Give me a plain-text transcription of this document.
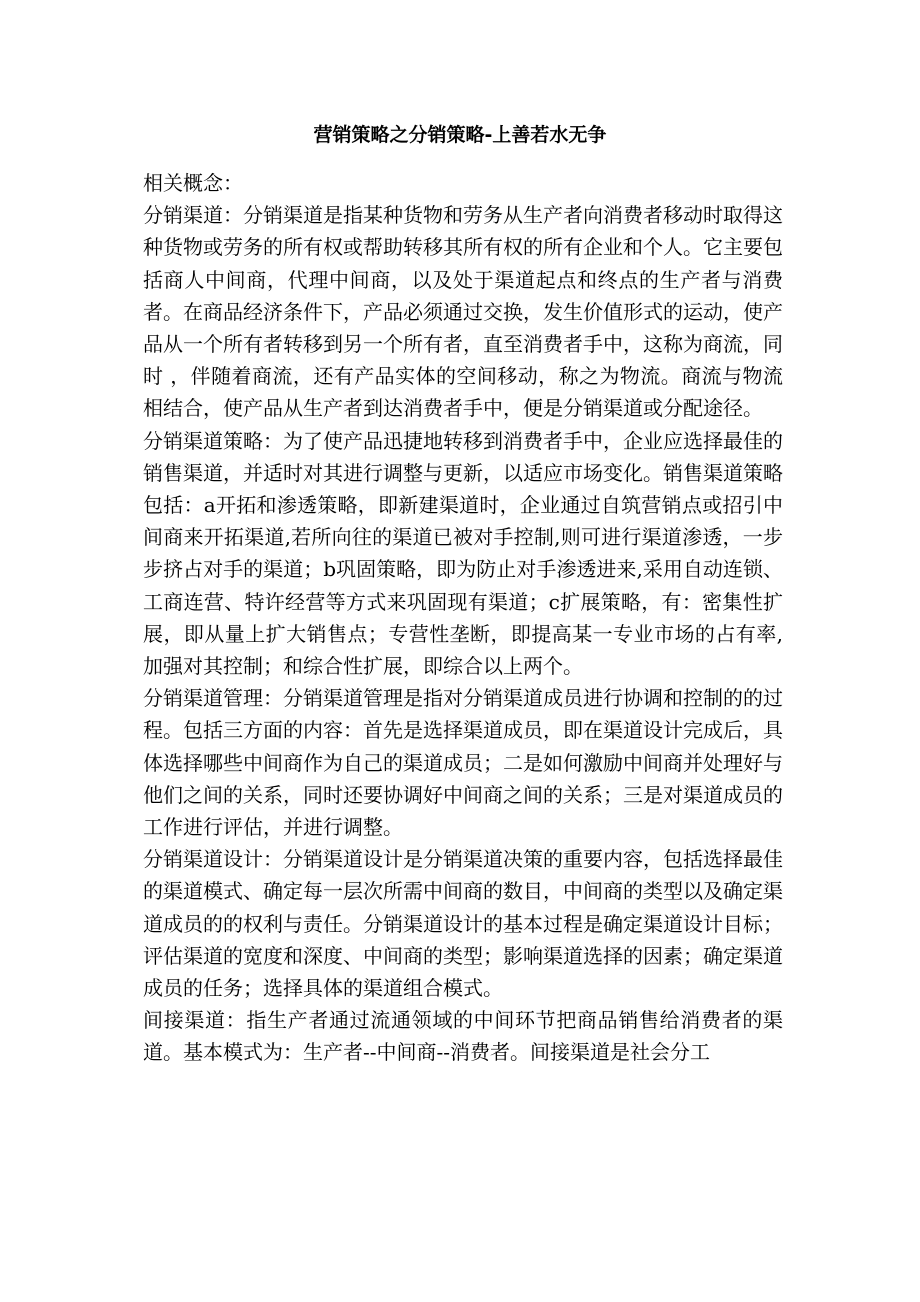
营销策略之分销策略-上善若水无争

相关概念：

分销渠道：分销渠道是指某种货物和劳务从生产者向消费者移动时取得这种货物或劳务的所有权或帮助转移其所有权的所有企业和个人。它主要包括商人中间商，代理中间商，以及处于渠道起点和终点的生产者与消费者。在商品经济条件下，产品必须通过交换，发生价值形式的运动，使产品从一个所有者转移到另一个所有者，直至消费者手中，这称为商流，同时 ，伴随着商流，还有产品实体的空间移动，称之为物流。商流与物流相结合，使产品从生产者到达消费者手中，便是分销渠道或分配途径。

分销渠道策略：为了使产品迅捷地转移到消费者手中，企业应选择最佳的销售渠道，并适时对其进行调整与更新，以适应市场变化。销售渠道策略包括：a开拓和渗透策略，即新建渠道时，企业通过自筑营销点或招引中间商来开拓渠道,若所向往的渠道已被对手控制,则可进行渠道渗透，一步步挤占对手的渠道；b巩固策略，即为防止对手渗透进来,采用自动连锁、工商连营、特许经营等方式来巩固现有渠道；c扩展策略，有：密集性扩展，即从量上扩大销售点；专营性垄断，即提高某一专业市场的占有率,加强对其控制；和综合性扩展，即综合以上两个。

分销渠道管理：分销渠道管理是指对分销渠道成员进行协调和控制的的过程。包括三方面的内容：首先是选择渠道成员，即在渠道设计完成后，具体选择哪些中间商作为自己的渠道成员；二是如何激励中间商并处理好与他们之间的关系，同时还要协调好中间商之间的关系；三是对渠道成员的工作进行评估，并进行调整。

分销渠道设计：分销渠道设计是分销渠道决策的重要内容，包括选择最佳的渠道模式、确定每一层次所需中间商的数目，中间商的类型以及确定渠道成员的的权利与责任。分销渠道设计的基本过程是确定渠道设计目标；评估渠道的宽度和深度、中间商的类型；影响渠道选择的因素；确定渠道成员的任务；选择具体的渠道组合模式。

间接渠道：指生产者通过流通领域的中间环节把商品销售给消费者的渠道。基本模式为：生产者--中间商--消费者。间接渠道是社会分工
